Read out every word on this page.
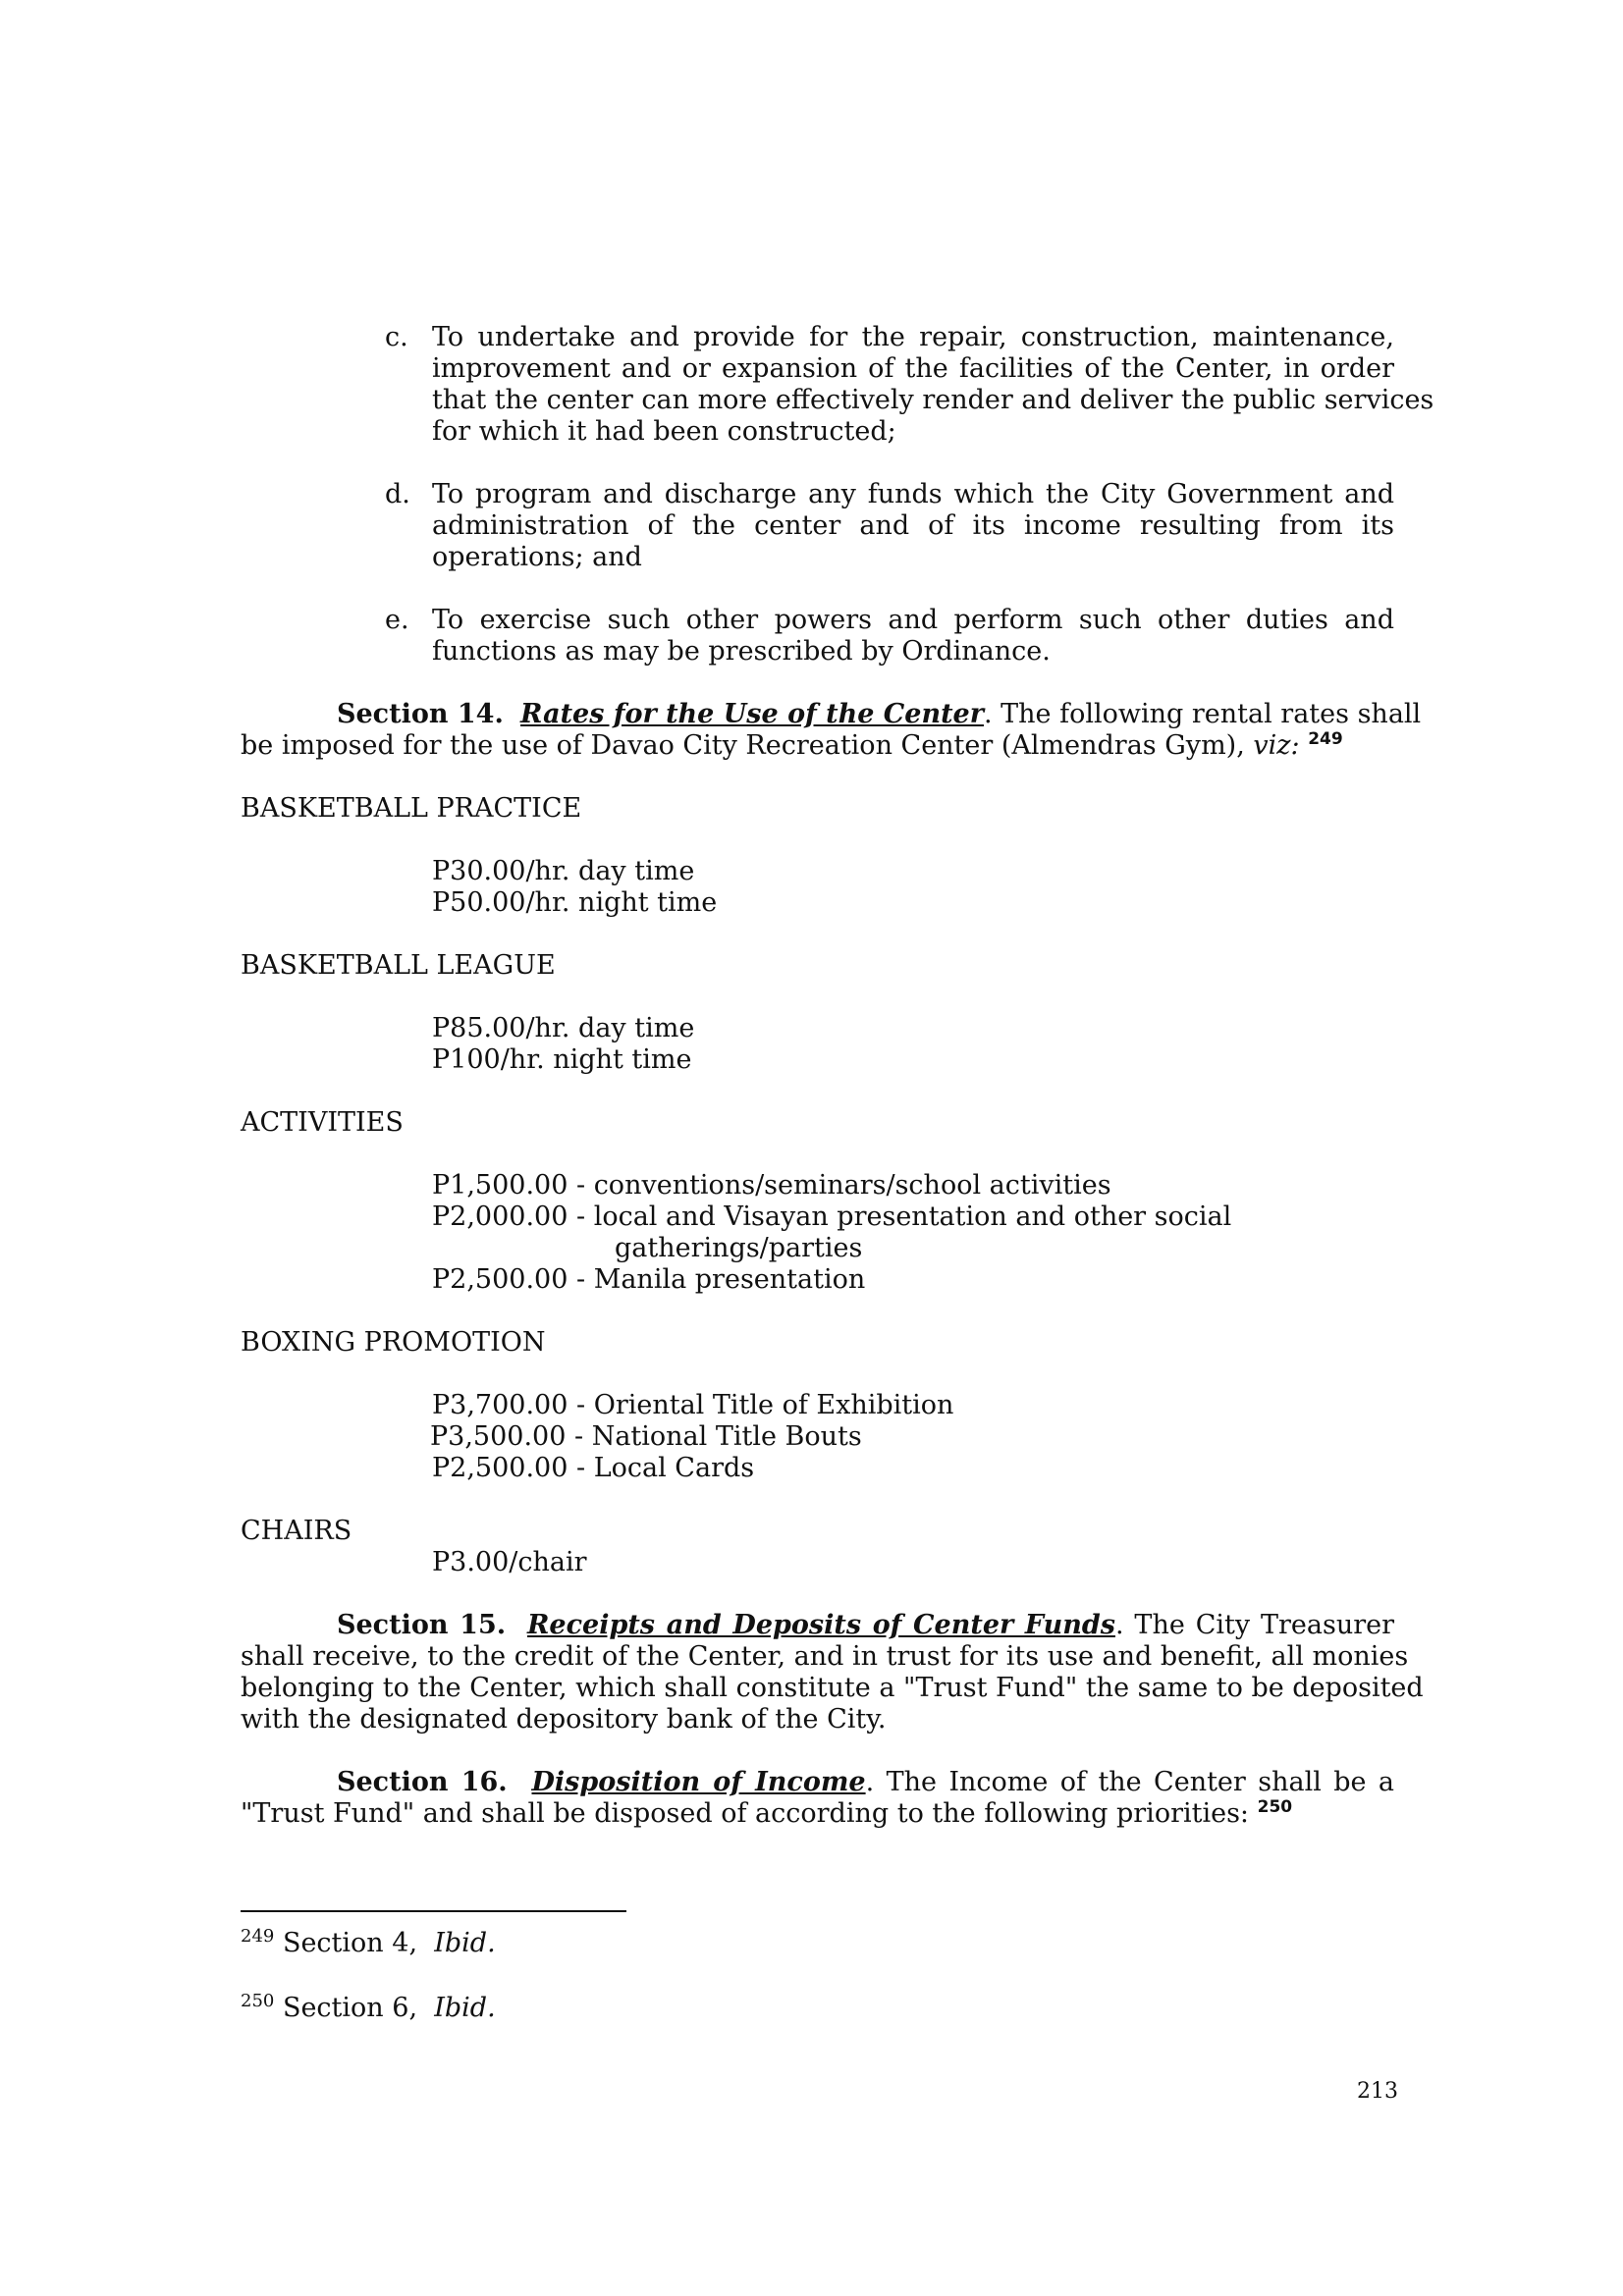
c. To undertake and provide for the repair, construction, maintenance,
improvement and or expansion of the facilities of the Center, in order
that the center can more effectively render and deliver the public services
for which it had been constructed;
d. To program and discharge any funds which the City Government and
administration of the center and of its income resulting from its
operations; and
e. To exercise such other powers and perform such other duties and
functions as may be prescribed by Ordinance.
Section 14. Rates for the Use of the Center. The following rental rates shall
be imposed for the use of Davao City Recreation Center (Almendras Gym), viz: $^{249}$
BASKETBALL PRACTICE
P30.00/hr. day time
P50.00/hr. night time
BASKETBALL LEAGUE
P85.00/hr. day time
P100/hr. night time
ACTIVITIES
P1,500.00 - conventions/seminars/school activities
P2,000.00 - local and Visayan presentation and other social
gatherings/parties
P2,500.00 - Manila presentation
BOXING PROMOTION
P3,700.00 - Oriental Title of Exhibition
P3,500.00 - National Title Bouts
P2,500.00 - Local Cards
CHAIRS
P3.00/chair
Section 15. Receipts and Deposits of Center Funds. The City Treasurer
shall receive, to the credit of the Center, and in trust for its use and benefit, all monies
belonging to the Center, which shall constitute a "Trust Fund" the same to be deposited
with the designated depository bank of the City.
Section 16. Disposition of Income. The Income of the Center shall be a
"Trust Fund" and shall be disposed of according to the following priorities: $^{250}$
$^{249}$ Section 4, Ibid.
$^{250}$ Section 6, Ibid.
213
